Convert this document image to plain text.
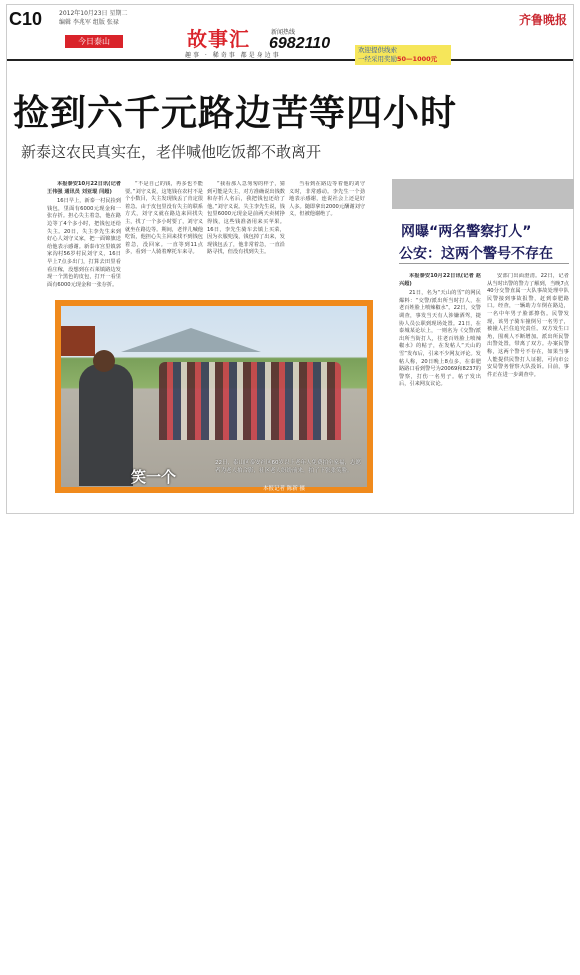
C10	2012年10月23日 星期二
编辑 李兆军 组版 张禄
今日泰山	故事汇
趣事 · 稀奇事 都是身边事
新闻热线
6982110	欢迎提供线索
一经采用奖励50—1000元
齐鲁晚报
捡到六千元路边苦等四小时
新泰这农民真实在，老伴喊他吃饭都不敢离开

本报泰安10月22日讯(记者 王伟强 通讯员 刘亚琨 闫超)

16日早上，新泰一村民捡到钱包，里面有6000元现金和一张存折。担心失主着急，他在路边等了4个多小时，把钱包还给失主。20日，失主李先生来到好心人刘守义家，把一面锦旗送给他表示感谢。新泰市宫里镇郭家沟村56岁村民刘守义，16日早上7点多出门，打算去田里看看庄稼，没想到在石莱镇路边发现一个黑色的皮包，打开一看里面有6000元现金和一张存折。

“不是自己的钱，再多也不能要。”刘守义说，这笔钱在农村不是个小数目，失主发现钱丢了肯定很着急。由于皮包里没有失主的联系方式，刘守义就在路边来回找失主，找了一个多小时要了，刘守义就坐在路边等。期间，老伴儿喊他吃饭，他担心失主回来找不到钱包着急，没回家。一直等到11点多，看到一人骑着摩托车来寻。

“我看那人急匆匆的样子，猜到可能是失主，对方准确说出钱数和存折人名后，我把钱包还给了他。”刘守义说。失主李先生说，钱包里6000元现金是前两天卖树挣得钱，这些钱准备用来买苹果。16日，李先生骑车去镇上买菜，因为衣服兜浅，钱包掉了出来，发现钱包丢了，他非常着急，一直沿路寻找，但没有找到失主。

当看到在路边等着他的刘守义时，非常感动。李先生一个劲地表示感谢，连说社会上还是好人多。随即拿出2000元酬谢刘守义，但被他谢绝了。

笑一个
22日，泰山区泰安社区60岁以上老年人免费拍全家福，志愿者为老人拍合影，社区老人纷纷前来，拍了下张张笑脸。
本报记者 陈新 摄
网曝“两名警察打人”
公安：这两个警号不存在

本报泰安10月22日讯(记者 赵兴超)

21日，名为“天山的雪”的网民爆料：“交警/派出所当时打人，在老百姓脸上喷辣椒水”。22日，交警调查，事发当天有人涉嫌酒驾，捷协人员公职到现场处置。21日，在泰城某论坛上，一则名为《交警/派出所当街打人，往老百姓脸上喷辣椒水》的帖子，在发帖人“天山的雪”发布后，引来不少网友评论。发帖人称，20日晚上8点多，在泰肥路路口看到警号为20069和8237的警察，打伤一名男子。帖子发出后，引来网友议论。

安部门出面澄清。22日，记者从当时出警的警力了解到，当晚7点40分交警直属一大队事故处理中队民警接到事故报警，赶到泰肥路口。经查，一辆助力车倒在路边，一名中年男子脸部擦伤。民警发现，该男子骑车撞倒另一名男子，被撞人拦住追究责任。双方发生口角，围观人不断增加。派出所民警出警处置，带离了双方。办案民警称，这两个警号不存在，如果当事人能提供民警打人证据，可向市公安局警务督察大队投诉。目前，事件正在进一步调查中。
